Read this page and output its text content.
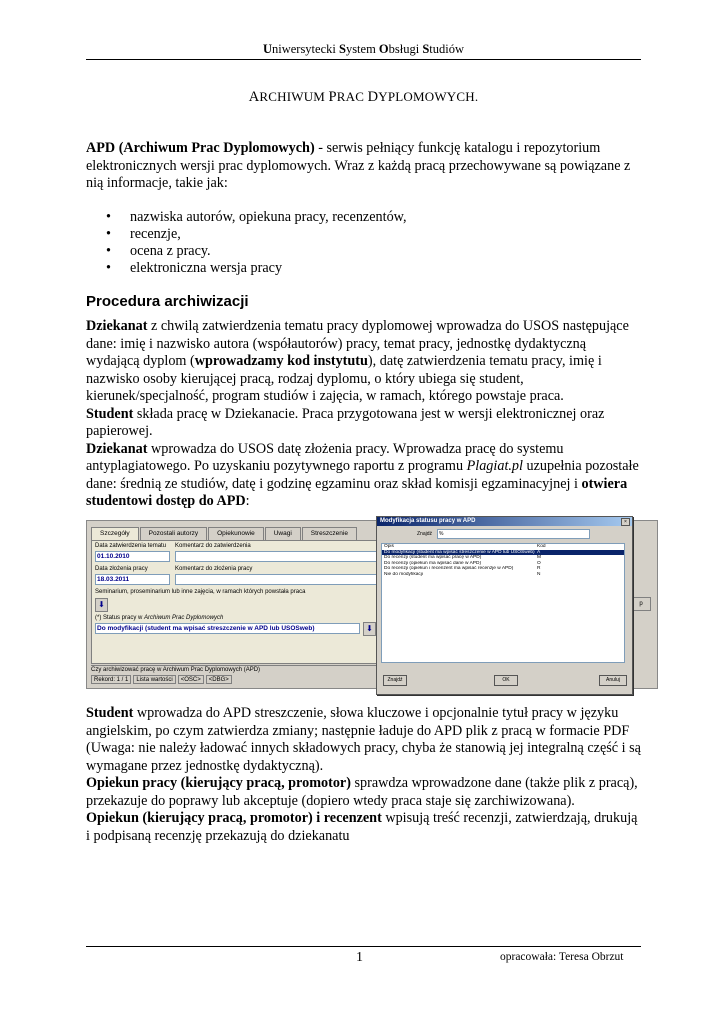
Uniwersytecki System Obsługi Studiów
ARCHIWUM PRAC DYPLOMOWYCH.
APD (Archiwum Prac Dyplomowych) - serwis pełniący funkcję katalogu i repozytorium elektronicznych wersji prac dyplomowych. Wraz z każdą pracą przechowywane są powiązane z nią informacje, takie jak:
• nazwiska autorów, opiekuna pracy, recenzentów,
• recenzje,
• ocena z pracy.
• elektroniczna wersja pracy
Procedura archiwizacji
Dziekanat z chwilą zatwierdzenia tematu pracy dyplomowej wprowadza do USOS następujące dane: imię i nazwisko autora (współautorów) pracy, temat pracy, jednostkę dydaktyczną wydającą dyplom (wprowadzamy kod instytutu), datę zatwierdzenia tematu pracy, imię i nazwisko osoby kierującej pracą, rodzaj dyplomu, o który ubiega się student, kierunek/specjalność, program studiów i zajęcia, w ramach, którego powstaje praca.
Student składa pracę w Dziekanacie. Praca przygotowana jest w wersji elektronicznej oraz papierowej.
Dziekanat wprowadza do USOS datę złożenia pracy. Wprowadza pracę do systemu antyplagiatowego. Po uzyskaniu pozytywnego raportu z programu Plagiat.pl uzupełnia pozostałe dane: średnią ze studiów, datę i godzinę egzaminu oraz skład komisji egzaminacyjnej i otwiera studentowi dostęp do APD:
Szczegóły	Pozostali autorzy	Opiekunowie	Uwagi	Streszczenie
Data zatwierdzenia tematu Komentarz do zatwierdzenia
01.10.2010
Data złożenia pracy	Komentarz do złożenia pracy
18.03.2011
Seminarium, proseminarium lub inne zajęcia, w ramach których powstała praca
⬇
(*) Status pracy w Archiwum Prac Dyplomowych
Do modyfikacji (student ma wpisać streszczenie w APD lub USOSweb)	⬇
Czy archiwizować pracę w Archiwum Prac Dyplomowych (APD)
Rekord: 1 / 1	Lista wartości	<OSC>	<DBG>
p
Modyfikacja statusu pracy w APD	×
Znajdź	%
Opis	Kod
Do modyfikacji (student ma wpisać streszczenie w APD lub USOSweb) A
Do recenzji (student ma wpisać pracę w APD)	M
Do recenzji (opiekun ma wpisać dane w APD)	O
Do recenzji (opiekun i recenzent ma wpisać recenzje w APD)	R
Nie do modyfikacji	N
Znajdź	OK	Anuluj
Student wprowadza do APD streszczenie, słowa kluczowe i opcjonalnie tytuł pracy w języku angielskim, po czym zatwierdza zmiany; następnie ładuje do APD plik z pracą w formacie PDF (Uwaga: nie należy ładować innych składowych pracy, chyba że stanowią jej integralną część i są wymagane przez jednostkę dydaktyczną).
Opiekun pracy (kierujący pracą, promotor) sprawdza wprowadzone dane (także plik z pracą), przekazuje do poprawy lub akceptuje (dopiero wtedy praca staje się zarchiwizowana).
Opiekun (kierujący pracą, promotor) i recenzent wpisują treść recenzji, zatwierdzają, drukują i podpisaną recenzję przekazują do dziekanatu
1	opracowała: Teresa Obrzut
